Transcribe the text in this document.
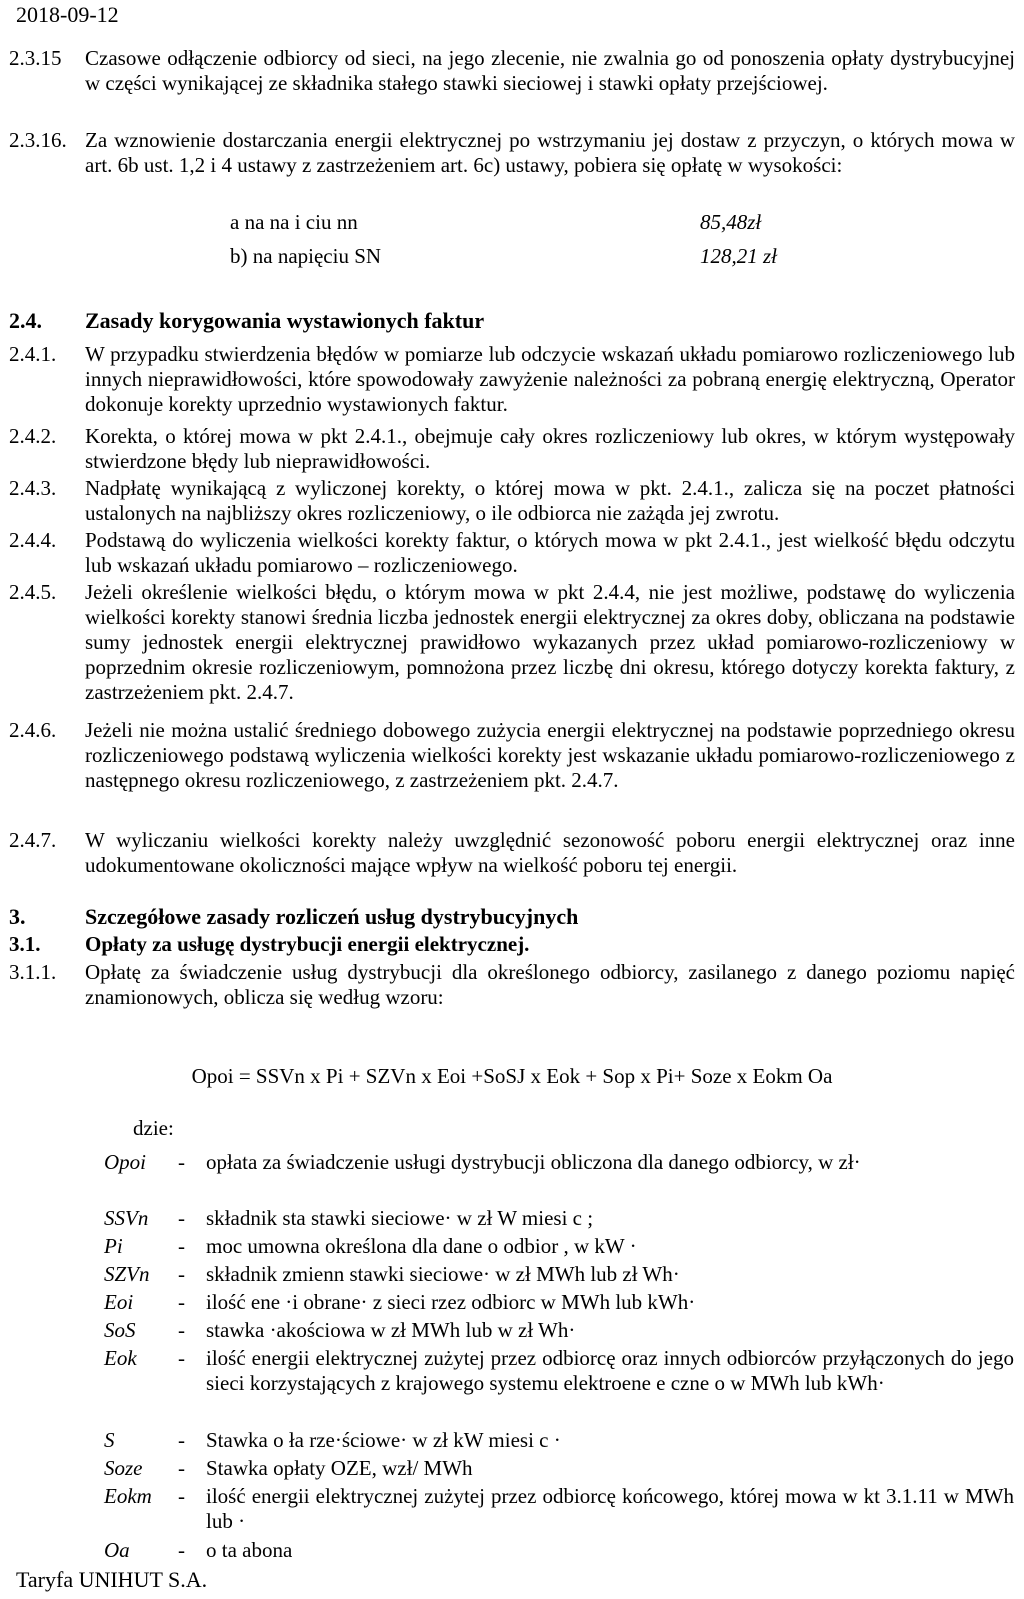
2018-09-12
2.3.15	Czasowe odłączenie odbiorcy od sieci, na jego zlecenie, nie zwalnia go od ponoszenia opłaty dystrybucyjnej w części wynikającej ze składnika stałego stawki sieciowej i stawki opłaty przejściowej.
2.3.16. Za wznowienie dostarczania energii elektrycznej po wstrzymaniu jej dostaw z przyczyn, o których mowa w art. 6b ust. 1,2 i 4 ustawy z zastrzeżeniem art. 6c) ustawy, pobiera się opłatę w wysokości:
a na na i ciu nn	85,48zł
b) na napięciu SN	128,21 zł
2.4.	Zasady korygowania wystawionych faktur
2.4.1.	W przypadku stwierdzenia błędów w pomiarze lub odczycie wskazań układu pomiarowo rozliczeniowego lub innych nieprawidłowości, które spowodowały zawyżenie należności za pobraną energię elektryczną, Operator dokonuje korekty uprzednio wystawionych faktur.
2.4.2.	Korekta, o której mowa w pkt 2.4.1., obejmuje cały okres rozliczeniowy lub okres, w którym występowały stwierdzone błędy lub nieprawidłowości.
2.4.3.	Nadpłatę wynikającą z wyliczonej korekty, o której mowa w pkt. 2.4.1., zalicza się na poczet płatności ustalonych na najbliższy okres rozliczeniowy, o ile odbiorca nie zażąda jej zwrotu.
2.4.4.	Podstawą do wyliczenia wielkości korekty faktur, o których mowa w pkt 2.4.1., jest wielkość błędu odczytu lub wskazań układu pomiarowo – rozliczeniowego.
2.4.5.	Jeżeli określenie wielkości błędu, o którym mowa w pkt 2.4.4, nie jest możliwe, podstawę do wyliczenia wielkości korekty stanowi średnia liczba jednostek energii elektrycznej za okres doby, obliczana na podstawie sumy jednostek energii elektrycznej prawidłowo wykazanych przez układ pomiarowo-rozliczeniowy w poprzednim okresie rozliczeniowym, pomnożona przez liczbę dni okresu, którego dotyczy korekta faktury, z zastrzeżeniem pkt. 2.4.7.
2.4.6.	Jeżeli nie można ustalić średniego dobowego zużycia energii elektrycznej na podstawie poprzedniego okresu rozliczeniowego podstawą wyliczenia wielkości korekty jest wskazanie układu pomiarowo-rozliczeniowego z następnego okresu rozliczeniowego, z zastrzeżeniem pkt. 2.4.7.
2.4.7.	W wyliczaniu wielkości korekty należy uwzględnić sezonowość poboru energii elektrycznej oraz inne udokumentowane okoliczności mające wpływ na wielkość poboru tej energii.
3.	Szczegółowe zasady rozliczeń usług dystrybucyjnych
3.1.	Opłaty za usługę dystrybucji energii elektrycznej.
3.1.1.	Opłatę za świadczenie usług dystrybucji dla określonego odbiorcy, zasilanego z danego poziomu napięć znamionowych, oblicza się według wzoru:
Opoi = SSVn x Pi + SZVn x Eoi +SoSJ x Eok + Sop x Pi+ Soze x Eokm Oa
dzie:
Opoi - opłata za świadczenie usługi dystrybucji obliczona dla danego odbiorcy, w zł·
SSVn - składnik sta stawki sieciowe· w zł W miesi c ;
Pi	- moc umowna określona dla dane o odbior , w kW ·
SZVn - składnik zmienn stawki sieciowe· w zł MWh lub zł Wh·
Eoi - ilość ene ·i obrane· z sieci rzez odbiorc w MWh lub kWh·
SoS - stawka ·akościowa w zł MWh lub w zł Wh·
Eok - ilość energii elektrycznej zużytej przez odbiorcę oraz innych odbiorców przyłączonych do jego sieci korzystających z krajowego systemu elektroene e czne o w MWh lub kWh·
S	- Stawka o ła rze·ściowe· w zł kW miesi c ·
Soze - Stawka opłaty OZE, wzł/ MWh
Eokm - ilość energii elektrycznej zużytej przez odbiorcę końcowego, której mowa w kt 3.1.11 w MWh lub ·
Oa - o ta abona
Taryfa UNIHUT S.A.
